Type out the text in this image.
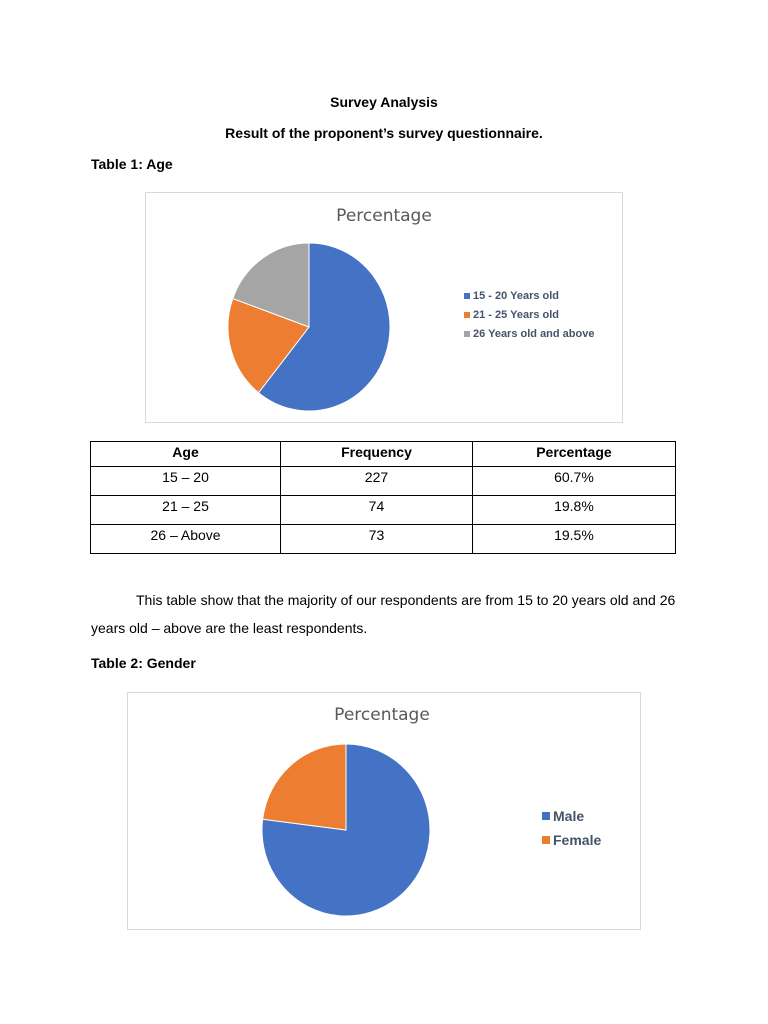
Survey Analysis
Result of the proponent’s survey questionnaire.
Table 1: Age
Percentage
15 - 20 Years old
21 - 25 Years old
26 Years old and above
Age	Frequency	Percentage
15 – 20	227	60.7%
21 – 25	74	19.8%
26 – Above	73	19.5%
This table show that the majority of our respondents are from 15 to 20 years old and 26 years old – above are the least respondents.
Table 2: Gender
Percentage
Male
Female
